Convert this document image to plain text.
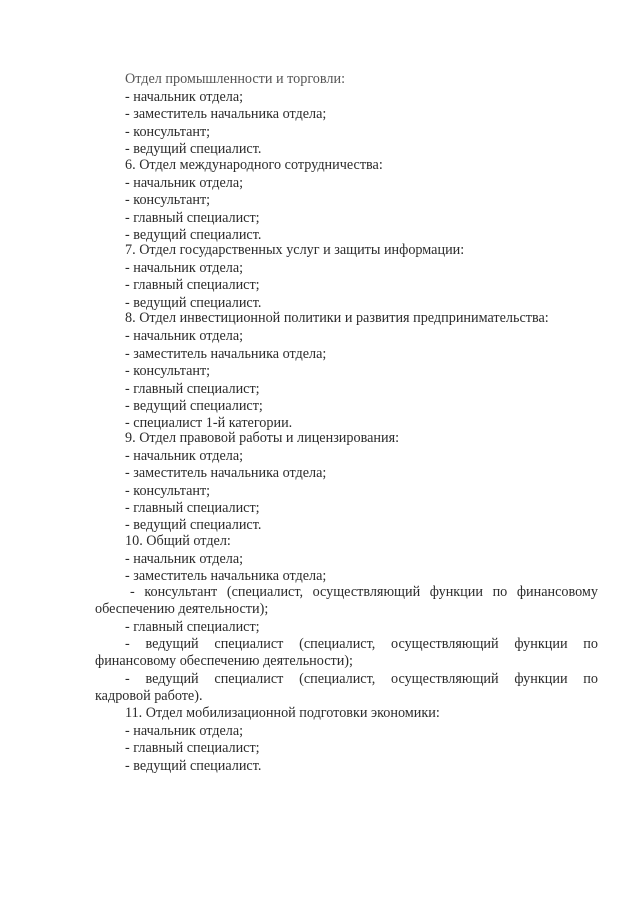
Отдел промышленности и торговли:
- начальник отдела;
- заместитель начальника отдела;
- консультант;
- ведущий специалист.
6. Отдел международного сотрудничества:
- начальник отдела;
- консультант;
- главный специалист;
- ведущий специалист.
7. Отдел государственных услуг и защиты информации:
- начальник отдела;
- главный специалист;
- ведущий специалист.
8. Отдел инвестиционной политики и развития предпринимательства:
- начальник отдела;
- заместитель начальника отдела;
- консультант;
- главный специалист;
- ведущий специалист;
- специалист 1-й категории.
9. Отдел правовой работы и лицензирования:
- начальник отдела;
- заместитель начальника отдела;
- консультант;
- главный специалист;
- ведущий специалист.
10. Общий отдел:
- начальник отдела;
- заместитель начальника отдела;
- консультант (специалист, осуществляющий функции по финансовому
обеспечению деятельности);
- главный специалист;
- ведущий специалист (специалист, осуществляющий функции по
финансовому обеспечению деятельности);
- ведущий специалист (специалист, осуществляющий функции по
кадровой работе).
11. Отдел мобилизационной подготовки экономики:
- начальник отдела;
- главный специалист;
- ведущий специалист.
